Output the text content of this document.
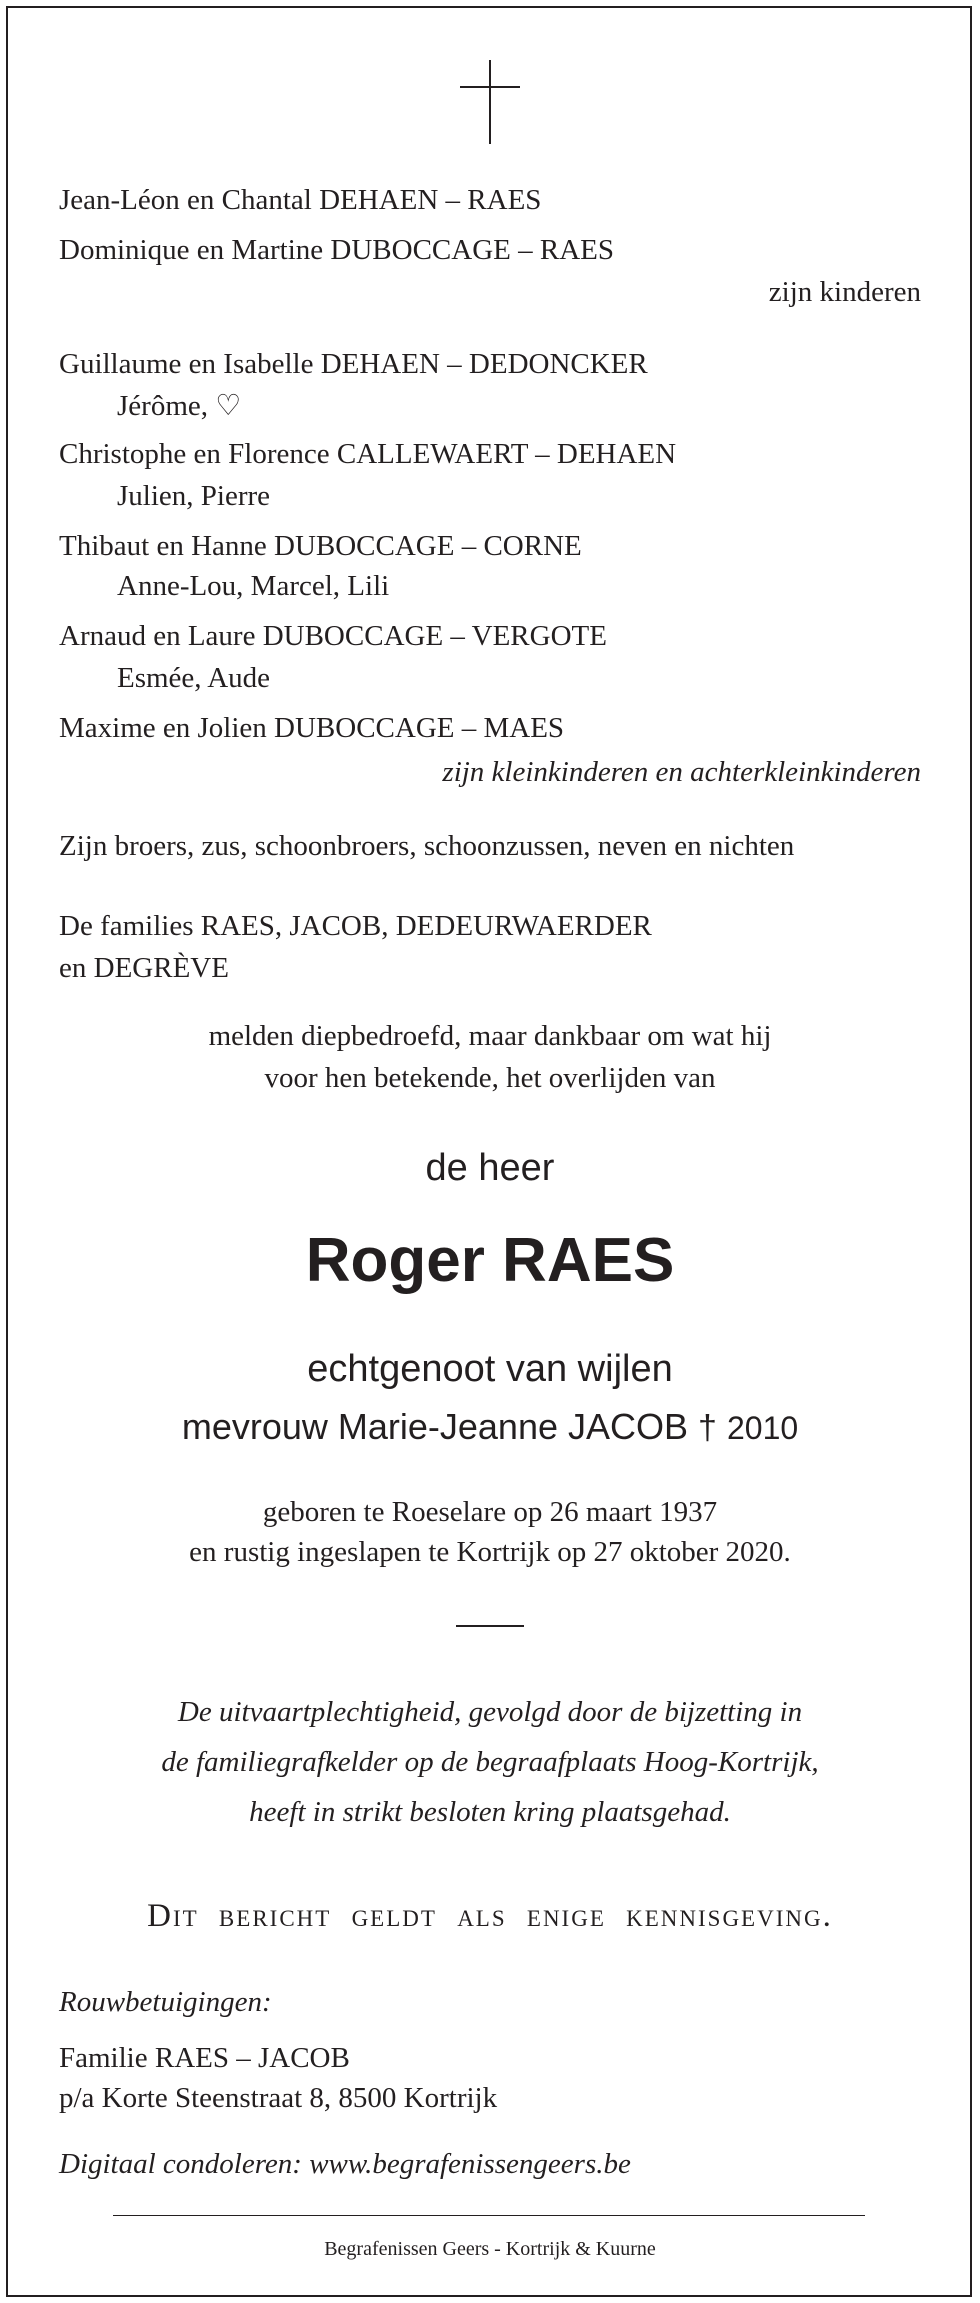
Jean-Léon en Chantal DEHAEN – RAES

Dominique en Martine DUBOCCAGE – RAES

zijn kinderen

Guillaume en Isabelle DEHAEN – DEDONCKER

Jérôme, ♡

Christophe en Florence CALLEWAERT – DEHAEN

Julien, Pierre

Thibaut en Hanne DUBOCCAGE – CORNE

Anne-Lou, Marcel, Lili

Arnaud en Laure DUBOCCAGE – VERGOTE

Esmée, Aude

Maxime en Jolien DUBOCCAGE – MAES

zijn kleinkinderen en achterkleinkinderen

Zijn broers, zus, schoonbroers, schoonzussen, neven en nichten

De families RAES, JACOB, DEDEURWAERDER

en DEGRÈVE

melden diepbedroefd, maar dankbaar om wat hij

voor hen betekende, het overlijden van

de heer

Roger RAES

echtgenoot van wijlen

mevrouw Marie-Jeanne JACOB † 2010

geboren te Roeselare op 26 maart 1937

en rustig ingeslapen te Kortrijk op 27 oktober 2020.

De uitvaartplechtigheid, gevolgd door de bijzetting in

de familiegrafkelder op de begraafplaats Hoog-Kortrijk,

heeft in strikt besloten kring plaatsgehad.

Dit bericht geldt als enige kennisgeving.

Rouwbetuigingen:

Familie RAES – JACOB

p/a Korte Steenstraat 8, 8500 Kortrijk

Digitaal condoleren: www.begrafenissengeers.be

Begrafenissen Geers - Kortrijk & Kuurne
